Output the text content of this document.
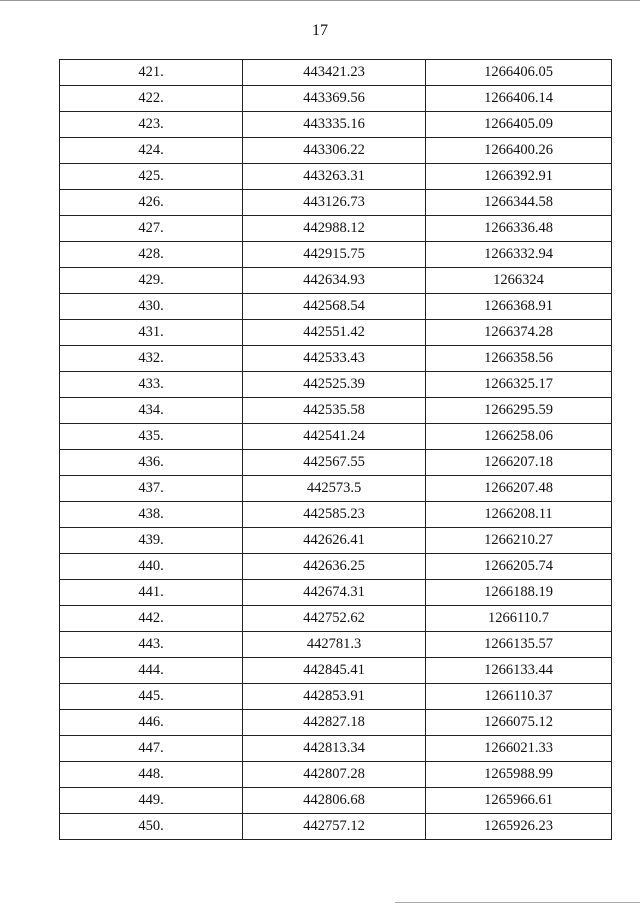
17
421.	443421.23	1266406.05
422.	443369.56	1266406.14
423.	443335.16	1266405.09
424.	443306.22	1266400.26
425.	443263.31	1266392.91
426.	443126.73	1266344.58
427.	442988.12	1266336.48
428.	442915.75	1266332.94
429.	442634.93	1266324
430.	442568.54	1266368.91
431.	442551.42	1266374.28
432.	442533.43	1266358.56
433.	442525.39	1266325.17
434.	442535.58	1266295.59
435.	442541.24	1266258.06
436.	442567.55	1266207.18
437.	442573.5	1266207.48
438.	442585.23	1266208.11
439.	442626.41	1266210.27
440.	442636.25	1266205.74
441.	442674.31	1266188.19
442.	442752.62	1266110.7
443.	442781.3	1266135.57
444.	442845.41	1266133.44
445.	442853.91	1266110.37
446.	442827.18	1266075.12
447.	442813.34	1266021.33
448.	442807.28	1265988.99
449.	442806.68	1265966.61
450.	442757.12	1265926.23
